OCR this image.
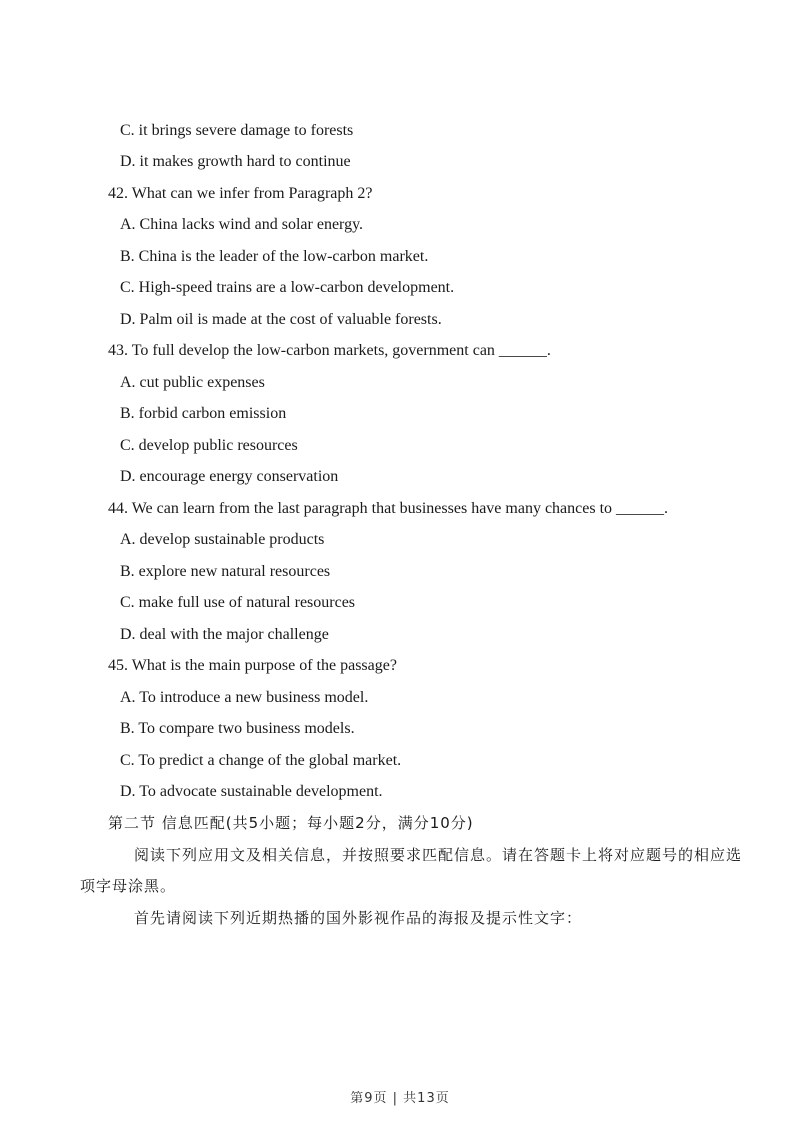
C. it brings severe damage to forests
D. it makes growth hard to continue
42. What can we infer from Paragraph 2?
A. China lacks wind and solar energy.
B. China is the leader of the low-carbon market.
C. High-speed trains are a low-carbon development.
D. Palm oil is made at the cost of valuable forests.
43. To full develop the low-carbon markets, government can ______.
A. cut public expenses
B. forbid carbon emission
C. develop public resources
D. encourage energy conservation
44. We can learn from the last paragraph that businesses have many chances to ______.
A. develop sustainable products
B. explore new natural resources
C. make full use of natural resources
D. deal with the major challenge
45. What is the main purpose of the passage?
A. To introduce a new business model.
B. To compare two business models.
C. To predict a change of the global market.
D. To advocate sustainable development.
第二节 信息匹配(共5小题；每小题2分，满分10分)
阅读下列应用文及相关信息，并按照要求匹配信息。请在答题卡上将对应题号的相应选
项字母涂黑。
首先请阅读下列近期热播的国外影视作品的海报及提示性文字：
第9页 | 共13页
